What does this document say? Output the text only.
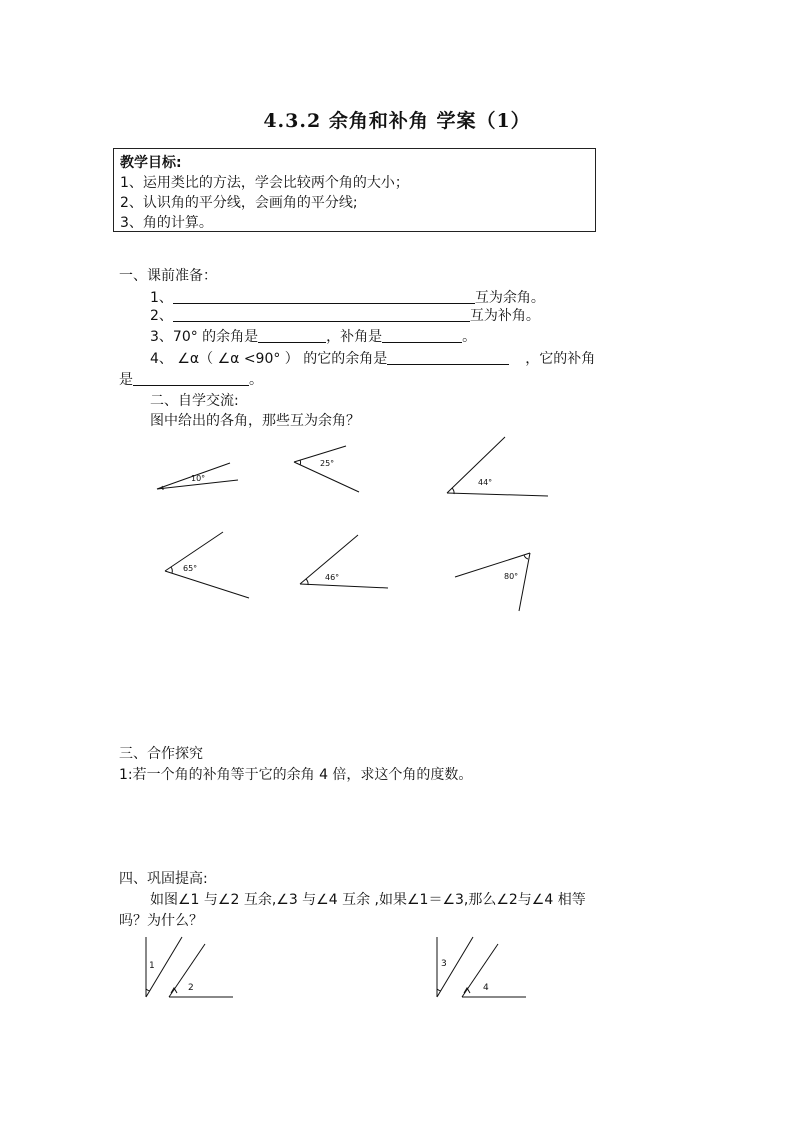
4.3.2 余角和补角 学案（1）
教学目标:
1、运用类比的方法，学会比较两个角的大小；
2、认识角的平分线，会画角的平分线;
3、角的计算。
一、课前准备：
1、	互为余角。
2、	互为补角。
3、70° 的余角是	，补角是	。
4、 ∠α（ ∠α <90° ） 的它的余角是	，它的补角
是	。
二、自学交流:
图中给出的各角，那些互为余角？
三、合作探究
1:若一个角的补角等于它的余角 4 倍，求这个角的度数。
四、巩固提高:
如图∠1 与∠2 互余,∠3 与∠4 互余 ,如果∠1＝∠3,那么∠2与∠4 相等
吗？为什么？
10°
25°
44°
65°
46°	80°
1
2
3
4
